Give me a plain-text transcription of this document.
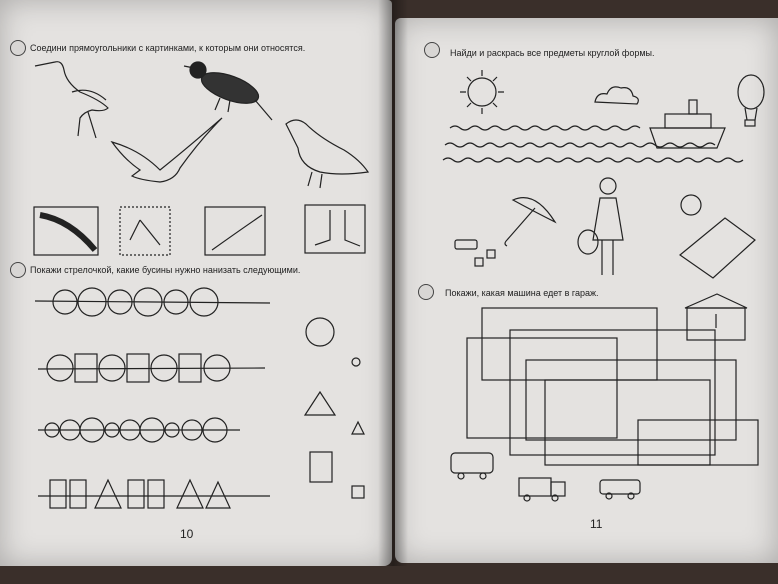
Соедини прямоугольники с картинками, к которым они относятся.
Покажи стрелочкой, какие бусины нужно нанизать следующими.
10
Найди и раскрась все предметы круглой формы.
Покажи, какая машина едет в гараж.
11
